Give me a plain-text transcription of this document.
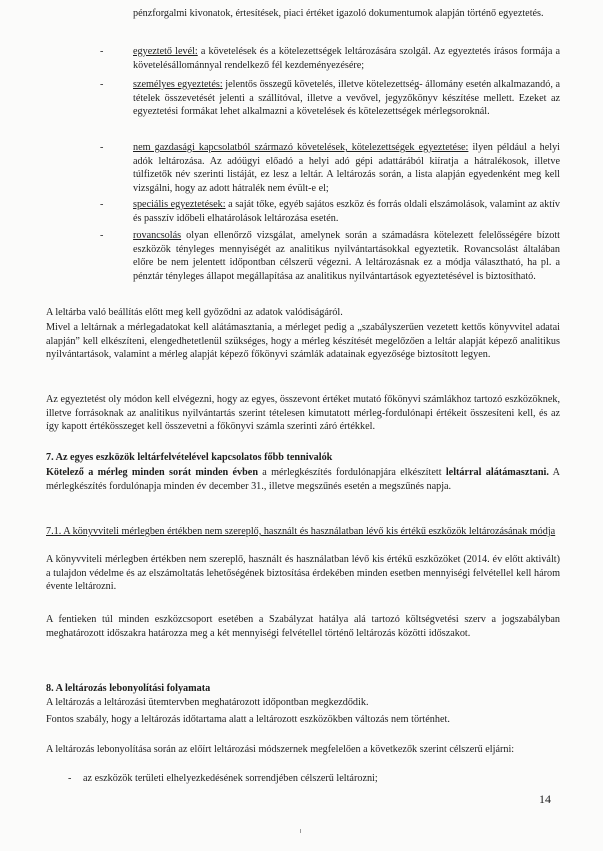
pénzforgalmi kivonatok, értesítések, piaci értéket igazoló dokumentumok alapján történő egyeztetés.

-	egyeztető levél: a követelések és a kötelezettségek leltározására szolgál. Az egyeztetés írásos formája a követelésállománnyal rendelkező fél kezdeményezésére;
-	személyes egyeztetés: jelentős összegű követelés, illetve kötelezettség- állomány esetén alkalmazandó, a tételek összevetését jelenti a szállítóval, illetve a vevővel, jegyzőkönyv készítése mellett. Ezeket az egyeztetési formákat lehet alkalmazni a követelések és kötelezettségek mérlegsoroknál.
-	nem gazdasági kapcsolatból származó követelések, kötelezettségek egyeztetése: ilyen például a helyi adók leltározása. Az adóügyi előadó a helyi adó gépi adattárából kiíratja a hátralékosok, illetve túlfizetők név szerinti listáját, ez lesz a leltár. A leltározás során, a lista alapján egyedenként meg kell vizsgálni, hogy az adott hátralék nem évült-e el;
-	speciális egyeztetések: a saját tőke, egyéb sajátos eszköz és forrás oldali elszámolások, valamint az aktív és passzív időbeli elhatárolások leltározása esetén.
-	rovancsolás olyan ellenőrző vizsgálat, amelynek során a számadásra kötelezett felelősségére bízott eszközök tényleges mennyiségét az analitikus nyilvántartásokkal egyeztetik. Rovancsolást általában előre be nem jelentett időpontban célszerű végezni. A leltározásnak ez a módja választható, ha pl. a pénztár tényleges állapot megállapítása az analitikus nyilvántartások egyeztetésével is biztosítható.

A leltárba való beállítás előtt meg kell győződni az adatok valódiságáról.

Mivel a leltárnak a mérlegadatokat kell alátámasztania, a mérleget pedig a „szabályszerűen vezetett kettős könyvvitel adatai alapján” kell elkészíteni, elengedhetetlenül szükséges, hogy a mérleg készítését megelőzően a leltár alapját képező analitikus nyilvántartások, valamint a mérleg alapját képező főkönyvi számlák adatainak egyezősége biztosított legyen.

Az egyeztetést oly módon kell elvégezni, hogy az egyes, összevont értéket mutató főkönyvi számlákhoz tartozó eszközöknek, illetve forrásoknak az analitikus nyilvántartás szerint tételesen kimutatott mérleg-fordulónapi értékeit összesíteni kell, és az így kapott értékösszeget kell összevetni a főkönyvi számla szerinti záró értékkel.

7. Az egyes eszközök leltárfelvételével kapcsolatos főbb tennivalók

Kötelező a mérleg minden sorát minden évben a mérlegkészítés fordulónapjára elkészített leltárral alátámasztani. A mérlegkészítés fordulónapja minden év december 31., illetve megszűnés esetén a megszűnés napja.

7.1. A könyvviteli mérlegben értékben nem szereplő, használt és használatban lévő kis értékű eszközök leltározásának módja

A könyvviteli mérlegben értékben nem szereplő, használt és használatban lévő kis értékű eszközöket (2014. év előtt aktivált) a tulajdon védelme és az elszámoltatás lehetőségének biztosítása érdekében minden esetben mennyiségi felvétellel kell három évente leltározni.

A fentieken túl minden eszközcsoport esetében a Szabályzat hatálya alá tartozó költségvetési szerv a jogszabályban meghatározott időszakra határozza meg a két mennyiségi felvétellel történő leltározás közötti időszakot.

8. A leltározás lebonyolítási folyamata

A leltározás a leltározási ütemtervben meghatározott időpontban megkezdődik.

Fontos szabály, hogy a leltározás időtartama alatt a leltározott eszközökben változás nem történhet.

A leltározás lebonyolítása során az előírt leltározási módszernek megfelelően a következők szerint célszerű eljárni:

-	az eszközök területi elhelyezkedésének sorrendjében célszerű leltározni;
14
